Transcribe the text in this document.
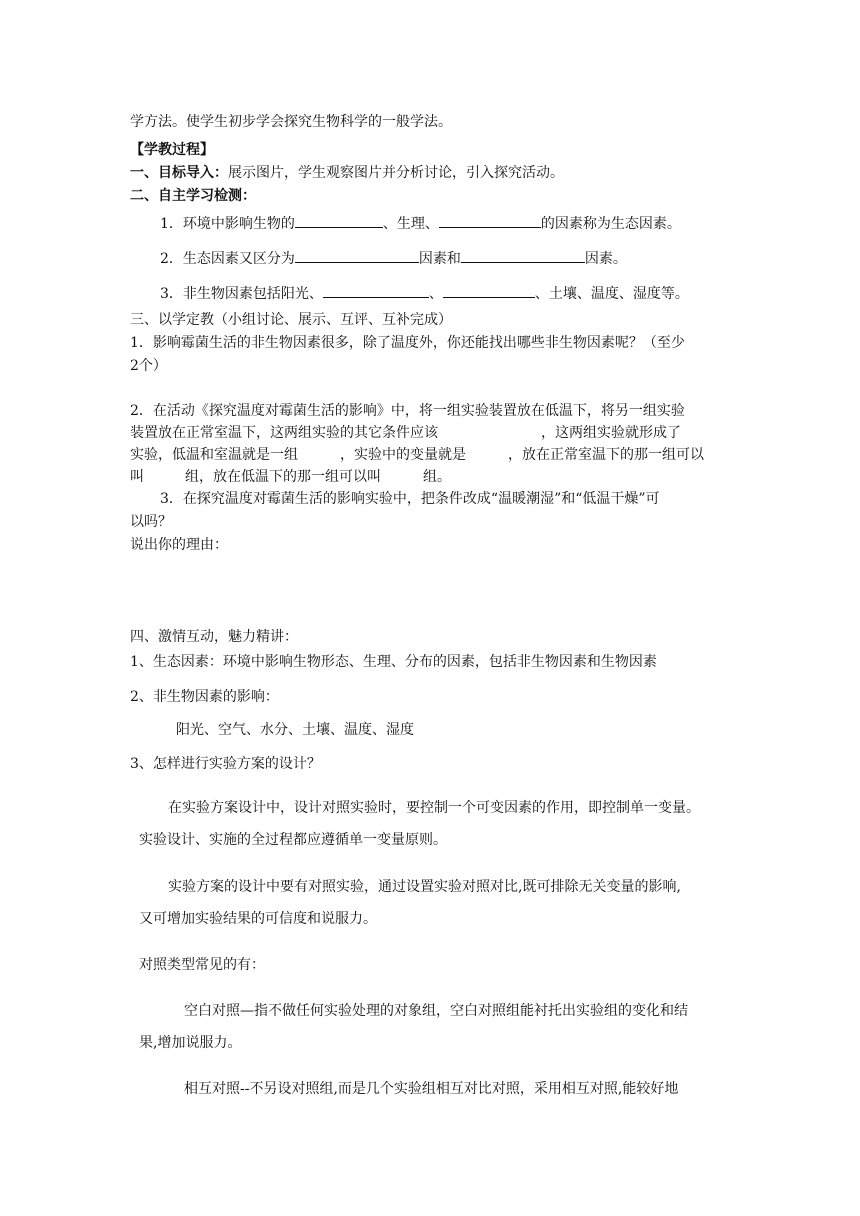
学方法。使学生初步学会探究生物科学的一般学法。
【学教过程】
一、目标导入：展示图片，学生观察图片并分析讨论，引入探究活动。
二、自主学习检测：
1．环境中影响生物的	、生理、	的因素称为生态因素。
2．生态因素又区分为	因素和	因素。
3．非生物因素包括阳光、	、	、土壤、温度、湿度等。
三、以学定教（小组讨论、展示、互评、互补完成）
1．影响霉菌生活的非生物因素很多，除了温度外，你还能找出哪些非生物因素呢？（至少
2个）
2．在活动《探究温度对霉菌生活的影响》中，将一组实验装置放在低温下，将另一组实验
装置放在正常室温下，这两组实验的其它条件应该	，这两组实验就形成了
实验，低温和室温就是一组	，实验中的变量就是	，放在正常室温下的那一组可以
叫	组，放在低温下的那一组可以叫	组。
3．在探究温度对霉菌生活的影响实验中，把条件改成“温暖潮湿”和“低温干燥”可
以吗？
说出你的理由：
四、激情互动，魅力精讲：
1、生态因素：环境中影响生物形态、生理、分布的因素，包括非生物因素和生物因素
2、非生物因素的影响：
阳光、空气、水分、土壤、温度、湿度
3、怎样进行实验方案的设计？
在实验方案设计中，设计对照实验时，要控制一个可变因素的作用，即控制单一变量。
实验设计、实施的全过程都应遵循单一变量原则。
实验方案的设计中要有对照实验，通过设置实验对照对比,既可排除无关变量的影响,
又可增加实验结果的可信度和说服力。
对照类型常见的有：
空白对照—指不做任何实验处理的对象组，空白对照组能衬托出实验组的变化和结
果,增加说服力。
相互对照--不另设对照组,而是几个实验组相互对比对照，采用相互对照,能较好地
